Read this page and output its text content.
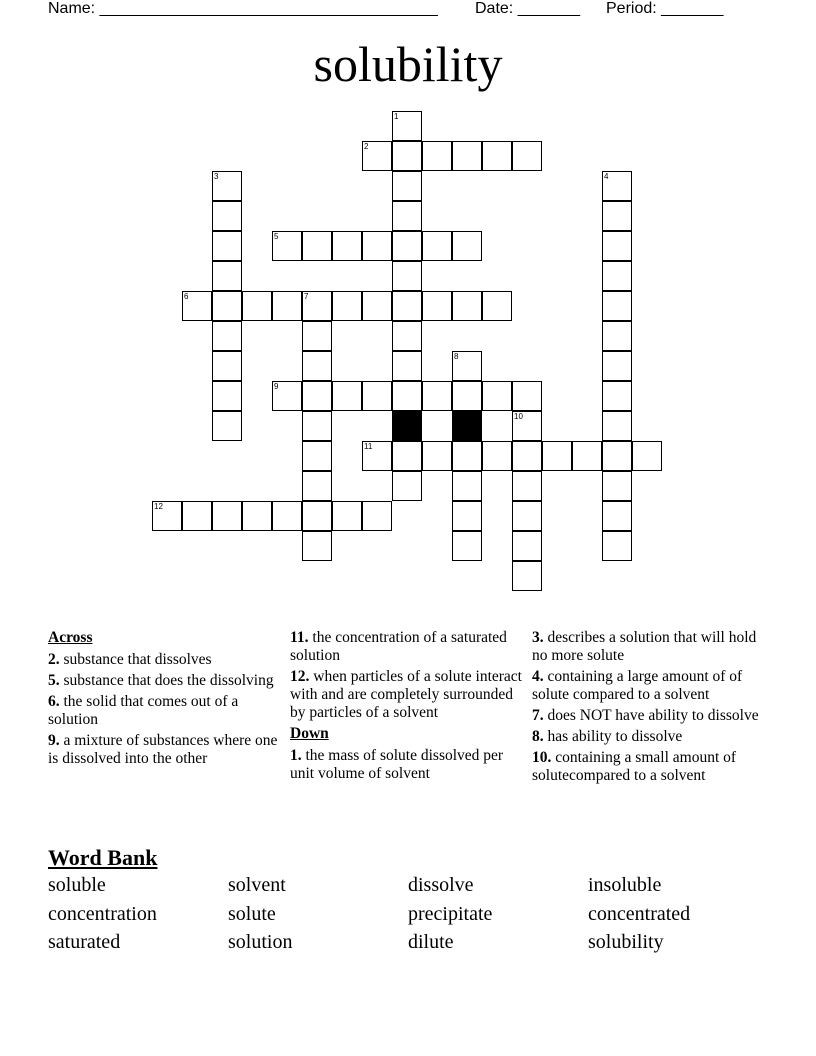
Name: ______________________________________ Date: _______ Period: _______
solubility
1
2
3	4
5
6	7
8
9
10
11
12
Across
2. substance that dissolves
5. substance that does the dissolving
6. the solid that comes out of a solution
9. a mixture of substances where one is dissolved into the other
11. the concentration of a saturated solution
12. when particles of a solute interact with and are completely surrounded by particles of a solvent
Down
1. the mass of solute dissolved per unit volume of solvent
3. describes a solution that will hold no more solute
4. containing a large amount of of solute compared to a solvent
7. does NOT have ability to dissolve
8. has ability to dissolve
10. containing a small amount of solutecompared to a solvent
Word Bank
soluble	solvent	dissolve	insoluble
concentration	solute	precipitate	concentrated
saturated	solution	dilute	solubility
